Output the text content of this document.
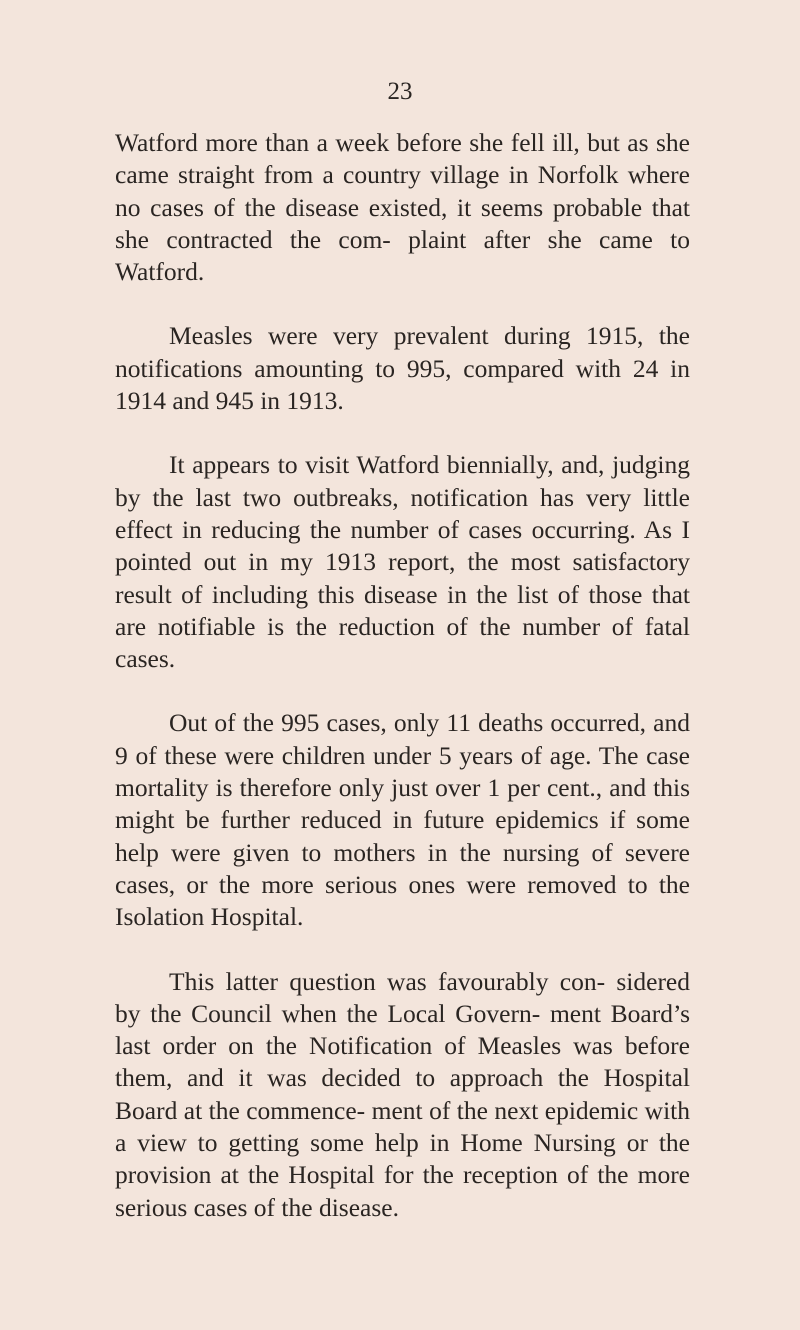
23

Watford more than a week before she fell ill, but as she came straight from a country village in Norfolk where no cases of the disease existed, it seems probable that she contracted the com- plaint after she came to Watford.

Measles were very prevalent during 1915, the notifications amounting to 995, compared with 24 in 1914 and 945 in 1913.

It appears to visit Watford biennially, and, judging by the last two outbreaks, notification has very little effect in reducing the number of cases occurring. As I pointed out in my 1913 report, the most satisfactory result of including this disease in the list of those that are notifiable is the reduction of the number of fatal cases.

Out of the 995 cases, only 11 deaths occurred, and 9 of these were children under 5 years of age. The case mortality is therefore only just over 1 per cent., and this might be further reduced in future epidemics if some help were given to mothers in the nursing of severe cases, or the more serious ones were removed to the Isolation Hospital.

This latter question was favourably con- sidered by the Council when the Local Govern- ment Board’s last order on the Notification of Measles was before them, and it was decided to approach the Hospital Board at the commence- ment of the next epidemic with a view to getting some help in Home Nursing or the provision at the Hospital for the reception of the more serious cases of the disease.
